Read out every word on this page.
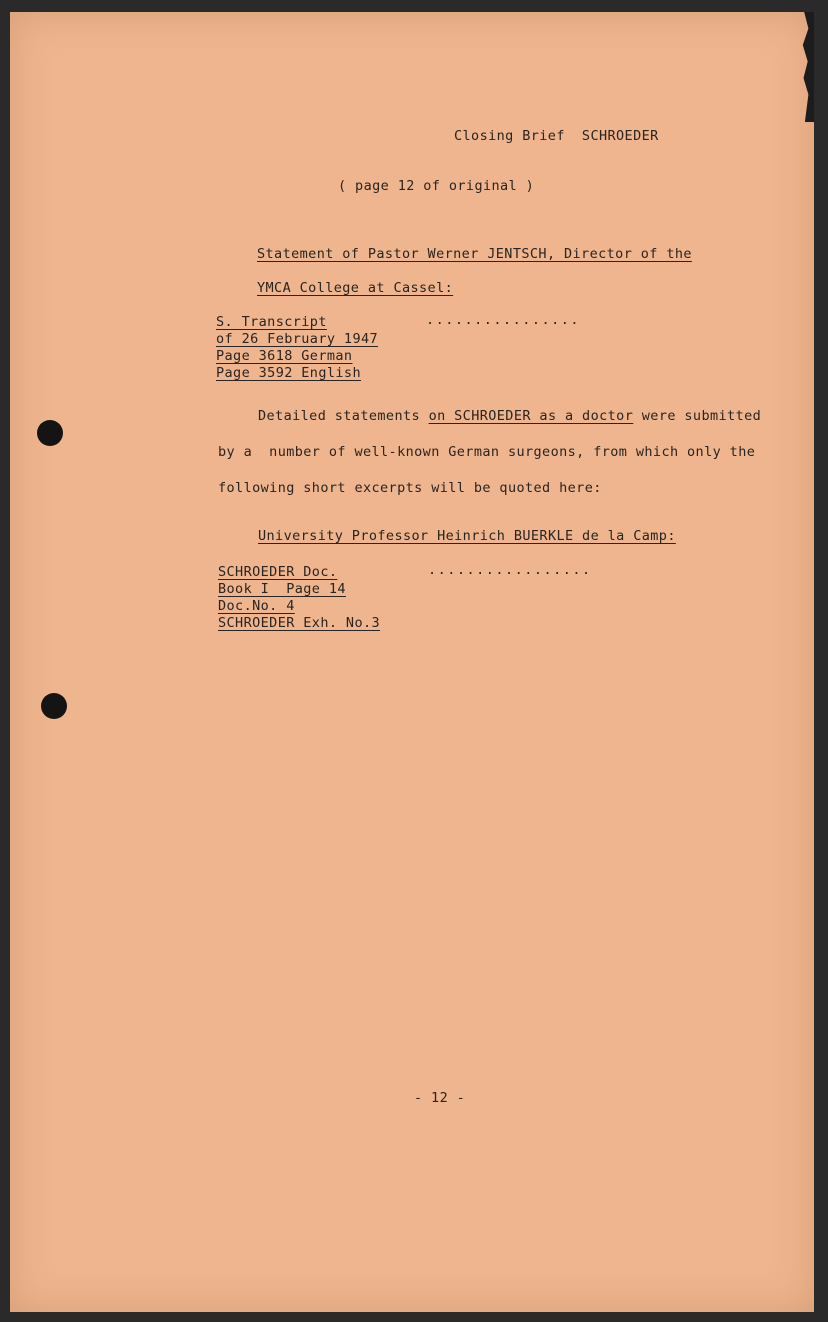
Closing Brief  SCHROEDER
( page 12 of original )
Statement of Pastor Werner JENTSCH, Director of the
YMCA College at Cassel:
S. Transcript
of 26 February 1947
Page 3618 German
Page 3592 English
................
Detailed statements on SCHROEDER as a doctor were submitted
by a  number of well-known German surgeons, from which only the
following short excerpts will be quoted here:
University Professor Heinrich BUERKLE de la Camp:
SCHROEDER Doc.
Book I  Page 14
Doc.No. 4
SCHROEDER Exh. No.3
.................
- 12 -
